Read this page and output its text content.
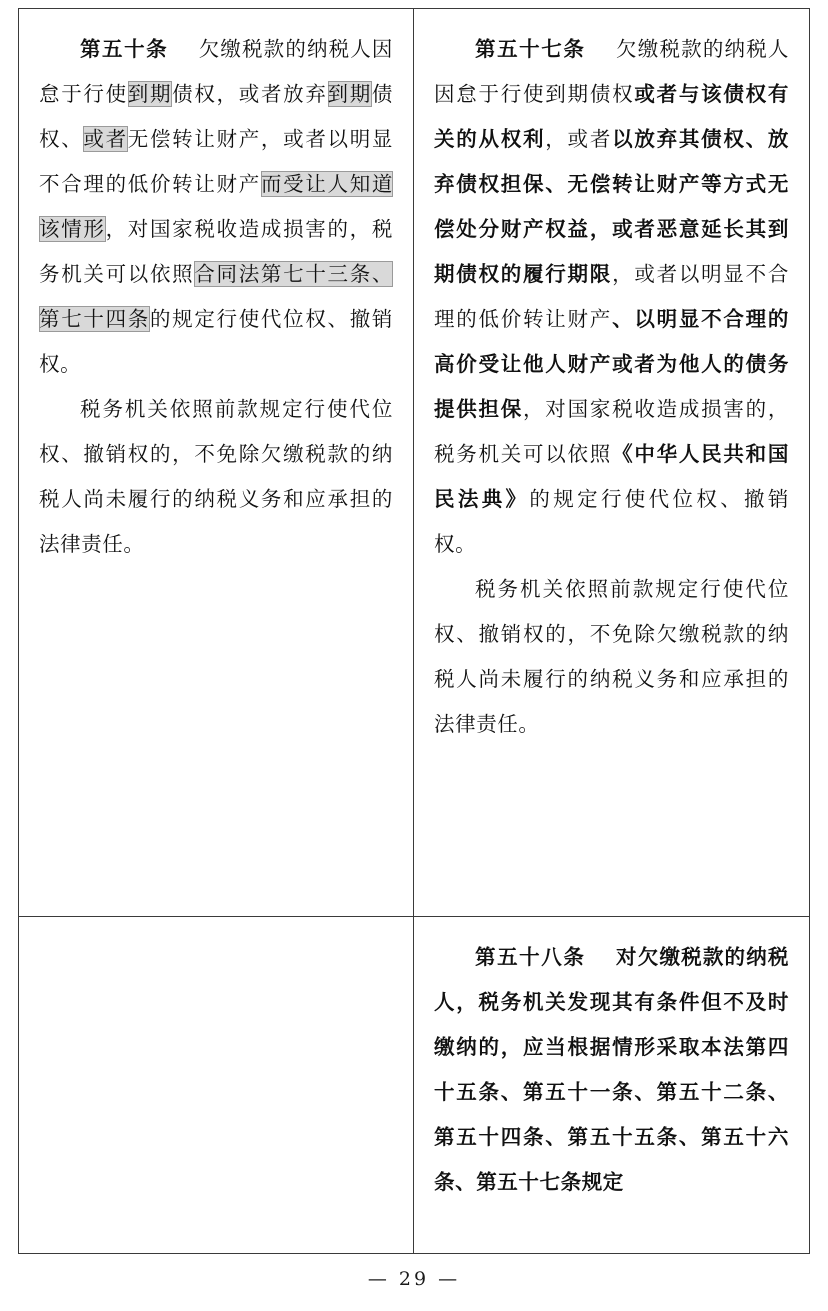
第五十条 欠缴税款的纳税人因怠于行使到期债权，或者放弃到期债权、或者无偿转让财产，或者以明显不合理的低价转让财产而受让人知道该情形，对国家税收造成损害的，税务机关可以依照合同法第七十三条、第七十四条的规定行使代位权、撤销权。

税务机关依照前款规定行使代位权、撤销权的，不免除欠缴税款的纳税人尚未履行的纳税义务和应承担的法律责任。

第五十七条 欠缴税款的纳税人因怠于行使到期债权或者与该债权有关的从权利，或者以放弃其债权、放弃债权担保、无偿转让财产等方式无偿处分财产权益，或者恶意延长其到期债权的履行期限，或者以明显不合理的低价转让财产、以明显不合理的高价受让他人财产或者为他人的债务提供担保，对国家税收造成损害的，税务机关可以依照《中华人民共和国民法典》的规定行使代位权、撤销权。

税务机关依照前款规定行使代位权、撤销权的，不免除欠缴税款的纳税人尚未履行的纳税义务和应承担的法律责任。

第五十八条 对欠缴税款的纳税人，税务机关发现其有条件但不及时缴纳的，应当根据情形采取本法第四十五条、第五十一条、第五十二条、第五十四条、第五十五条、第五十六条、第五十七条规定

— 29 —
